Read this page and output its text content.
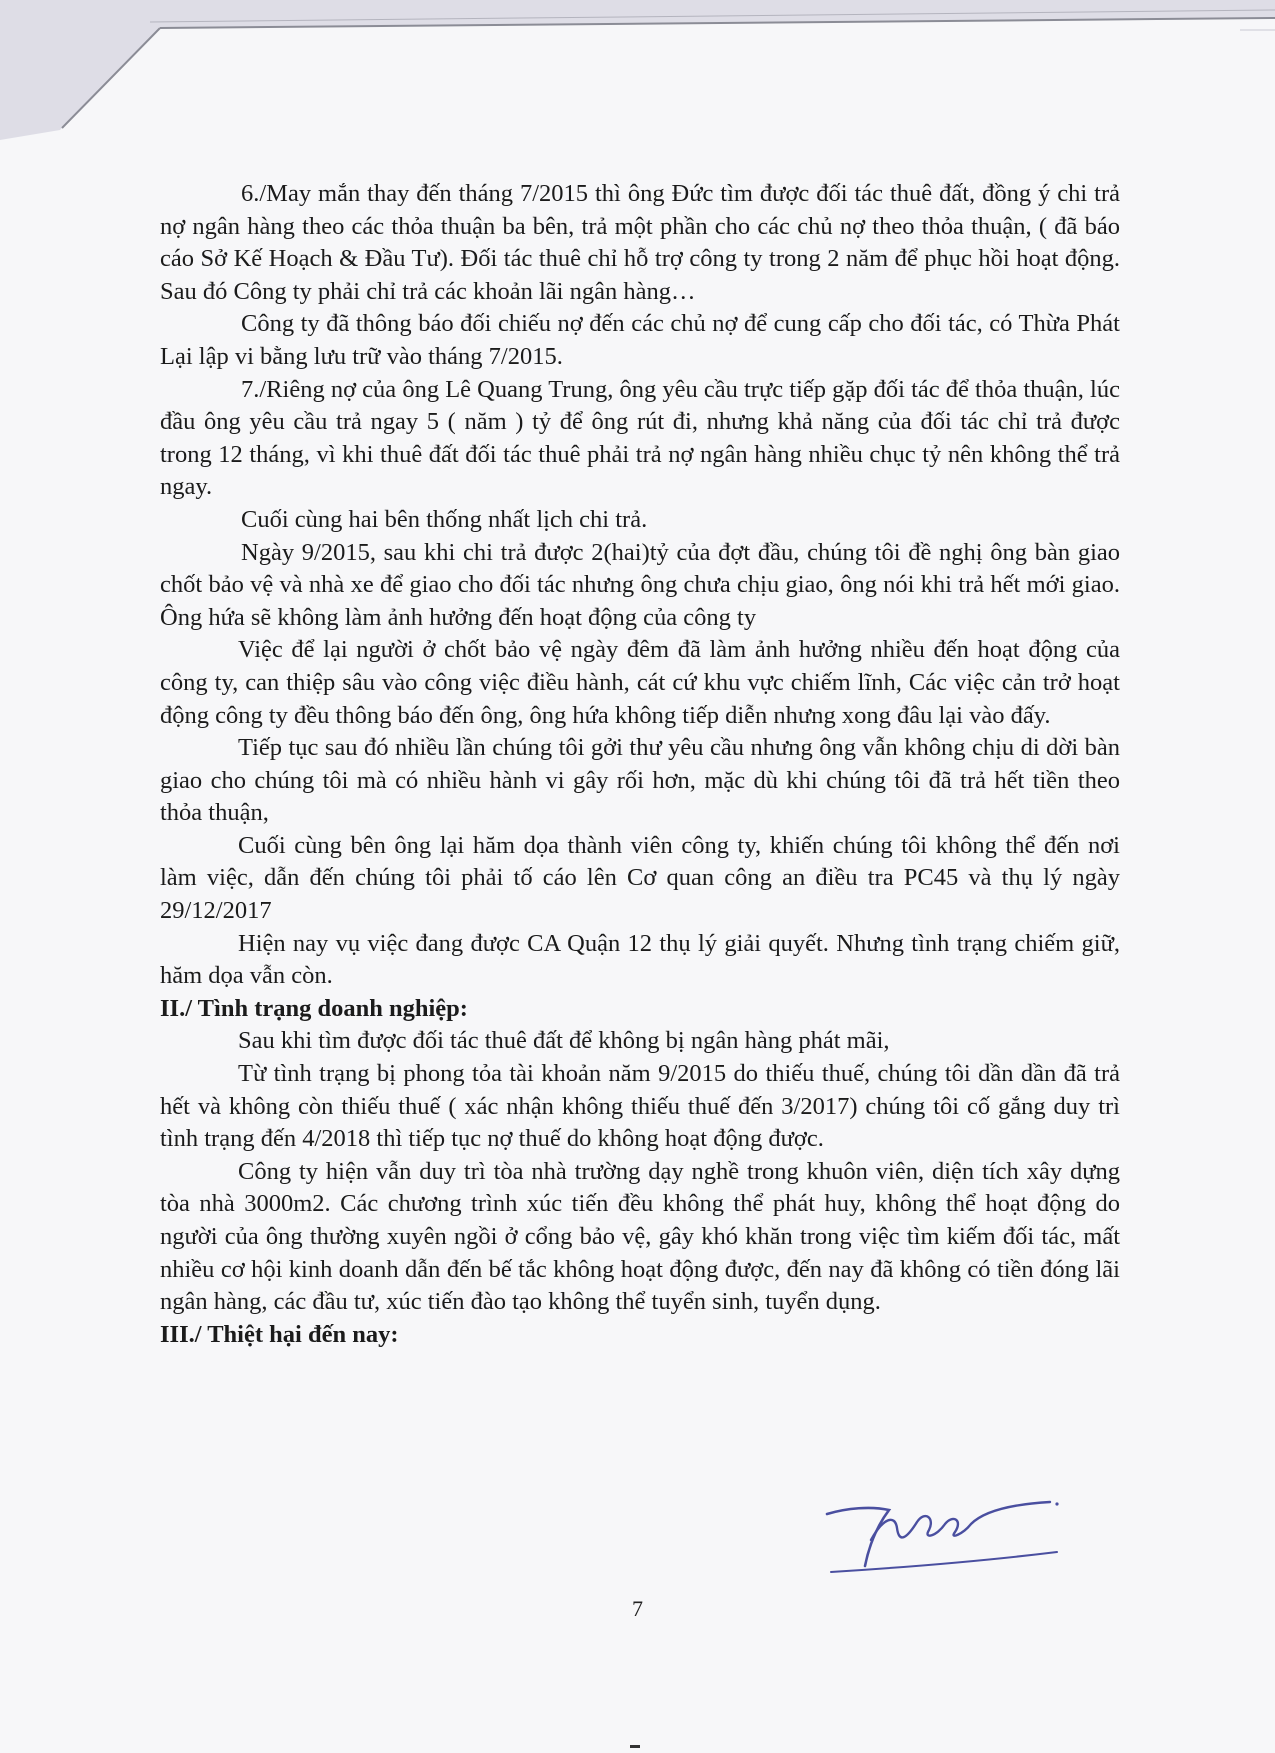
6./May mắn thay đến tháng 7/2015 thì ông Đức tìm được đối tác thuê đất, đồng ý chi trả nợ ngân hàng theo các thỏa thuận ba bên, trả một phần cho các chủ nợ theo thỏa thuận, ( đã báo cáo Sở Kế Hoạch & Đầu Tư). Đối tác thuê chỉ hỗ trợ công ty trong 2 năm để phục hồi hoạt động. Sau đó Công ty phải chỉ trả các khoản lãi ngân hàng…

Công ty đã thông báo đối chiếu nợ đến các chủ nợ để cung cấp cho đối tác, có Thừa Phát Lại lập vi bằng lưu trữ vào tháng 7/2015.

7./Riêng nợ của ông Lê Quang Trung, ông yêu cầu trực tiếp gặp đối tác để thỏa thuận, lúc đầu ông yêu cầu trả ngay 5 ( năm ) tỷ để ông rút đi, nhưng khả năng của đối tác chỉ trả được trong 12 tháng, vì khi thuê đất đối tác thuê phải trả nợ ngân hàng nhiều chục tỷ nên không thể trả ngay.

Cuối cùng hai bên thống nhất lịch chi trả.

Ngày 9/2015, sau khi chi trả được 2(hai)tỷ của đợt đầu, chúng tôi đề nghị ông bàn giao chốt bảo vệ và nhà xe để giao cho đối tác nhưng ông chưa chịu giao, ông nói khi trả hết mới giao. Ông hứa sẽ không làm ảnh hưởng đến hoạt động của công ty

Việc để lại người ở chốt bảo vệ ngày đêm đã làm ảnh hưởng nhiều đến hoạt động của công ty, can thiệp sâu vào công việc điều hành, cát cứ khu vực chiếm lĩnh, Các việc cản trở hoạt động công ty đều thông báo đến ông, ông hứa không tiếp diễn nhưng xong đâu lại vào đấy.

Tiếp tục sau đó nhiều lần chúng tôi gởi thư yêu cầu nhưng ông vẫn không chịu di dời bàn giao cho chúng tôi mà có nhiều hành vi gây rối hơn, mặc dù khi chúng tôi đã trả hết tiền theo thỏa thuận,

Cuối cùng bên ông lại hăm dọa thành viên công ty, khiến chúng tôi không thể đến nơi làm việc, dẫn đến chúng tôi phải tố cáo lên Cơ quan công an điều tra PC45 và thụ lý ngày 29/12/2017

Hiện nay vụ việc đang được CA Quận 12 thụ lý giải quyết. Nhưng tình trạng chiếm giữ, hăm dọa vẫn còn.

II./ Tình trạng doanh nghiệp:

Sau khi tìm được đối tác thuê đất để không bị ngân hàng phát mãi,

Từ tình trạng bị phong tỏa tài khoản năm 9/2015 do thiếu thuế, chúng tôi dần dần đã trả hết và không còn thiếu thuế ( xác nhận không thiếu thuế đến 3/2017) chúng tôi cố gắng duy trì tình trạng đến 4/2018 thì tiếp tục nợ thuế do không hoạt động được.

Công ty hiện vẫn duy trì tòa nhà trường dạy nghề trong khuôn viên, diện tích xây dựng tòa nhà 3000m2. Các chương trình xúc tiến đều không thể phát huy, không thể hoạt động do người của ông thường xuyên ngồi ở cổng bảo vệ, gây khó khăn trong việc tìm kiếm đối tác, mất nhiều cơ hội kinh doanh dẫn đến bế tắc không hoạt động được, đến nay đã không có tiền đóng lãi ngân hàng, các đầu tư, xúc tiến đào tạo không thể tuyển sinh, tuyển dụng.

III./ Thiệt hại đến nay:

7
